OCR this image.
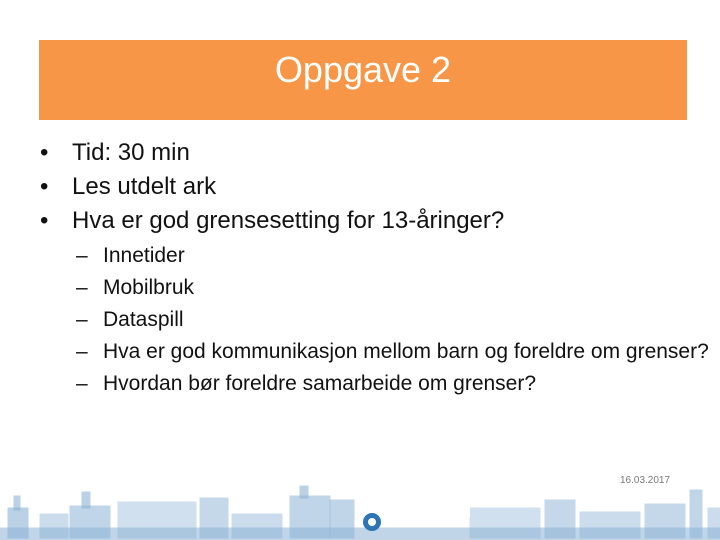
Oppgave 2
• Tid: 30 min
• Les utdelt ark
• Hva er god grensesetting for 13-åringer?
– Innetider
– Mobilbruk
– Dataspill
– Hva er god kommunikasjon mellom barn og foreldre om grenser?
– Hvordan bør foreldre samarbeide om grenser?
16.03.2017
